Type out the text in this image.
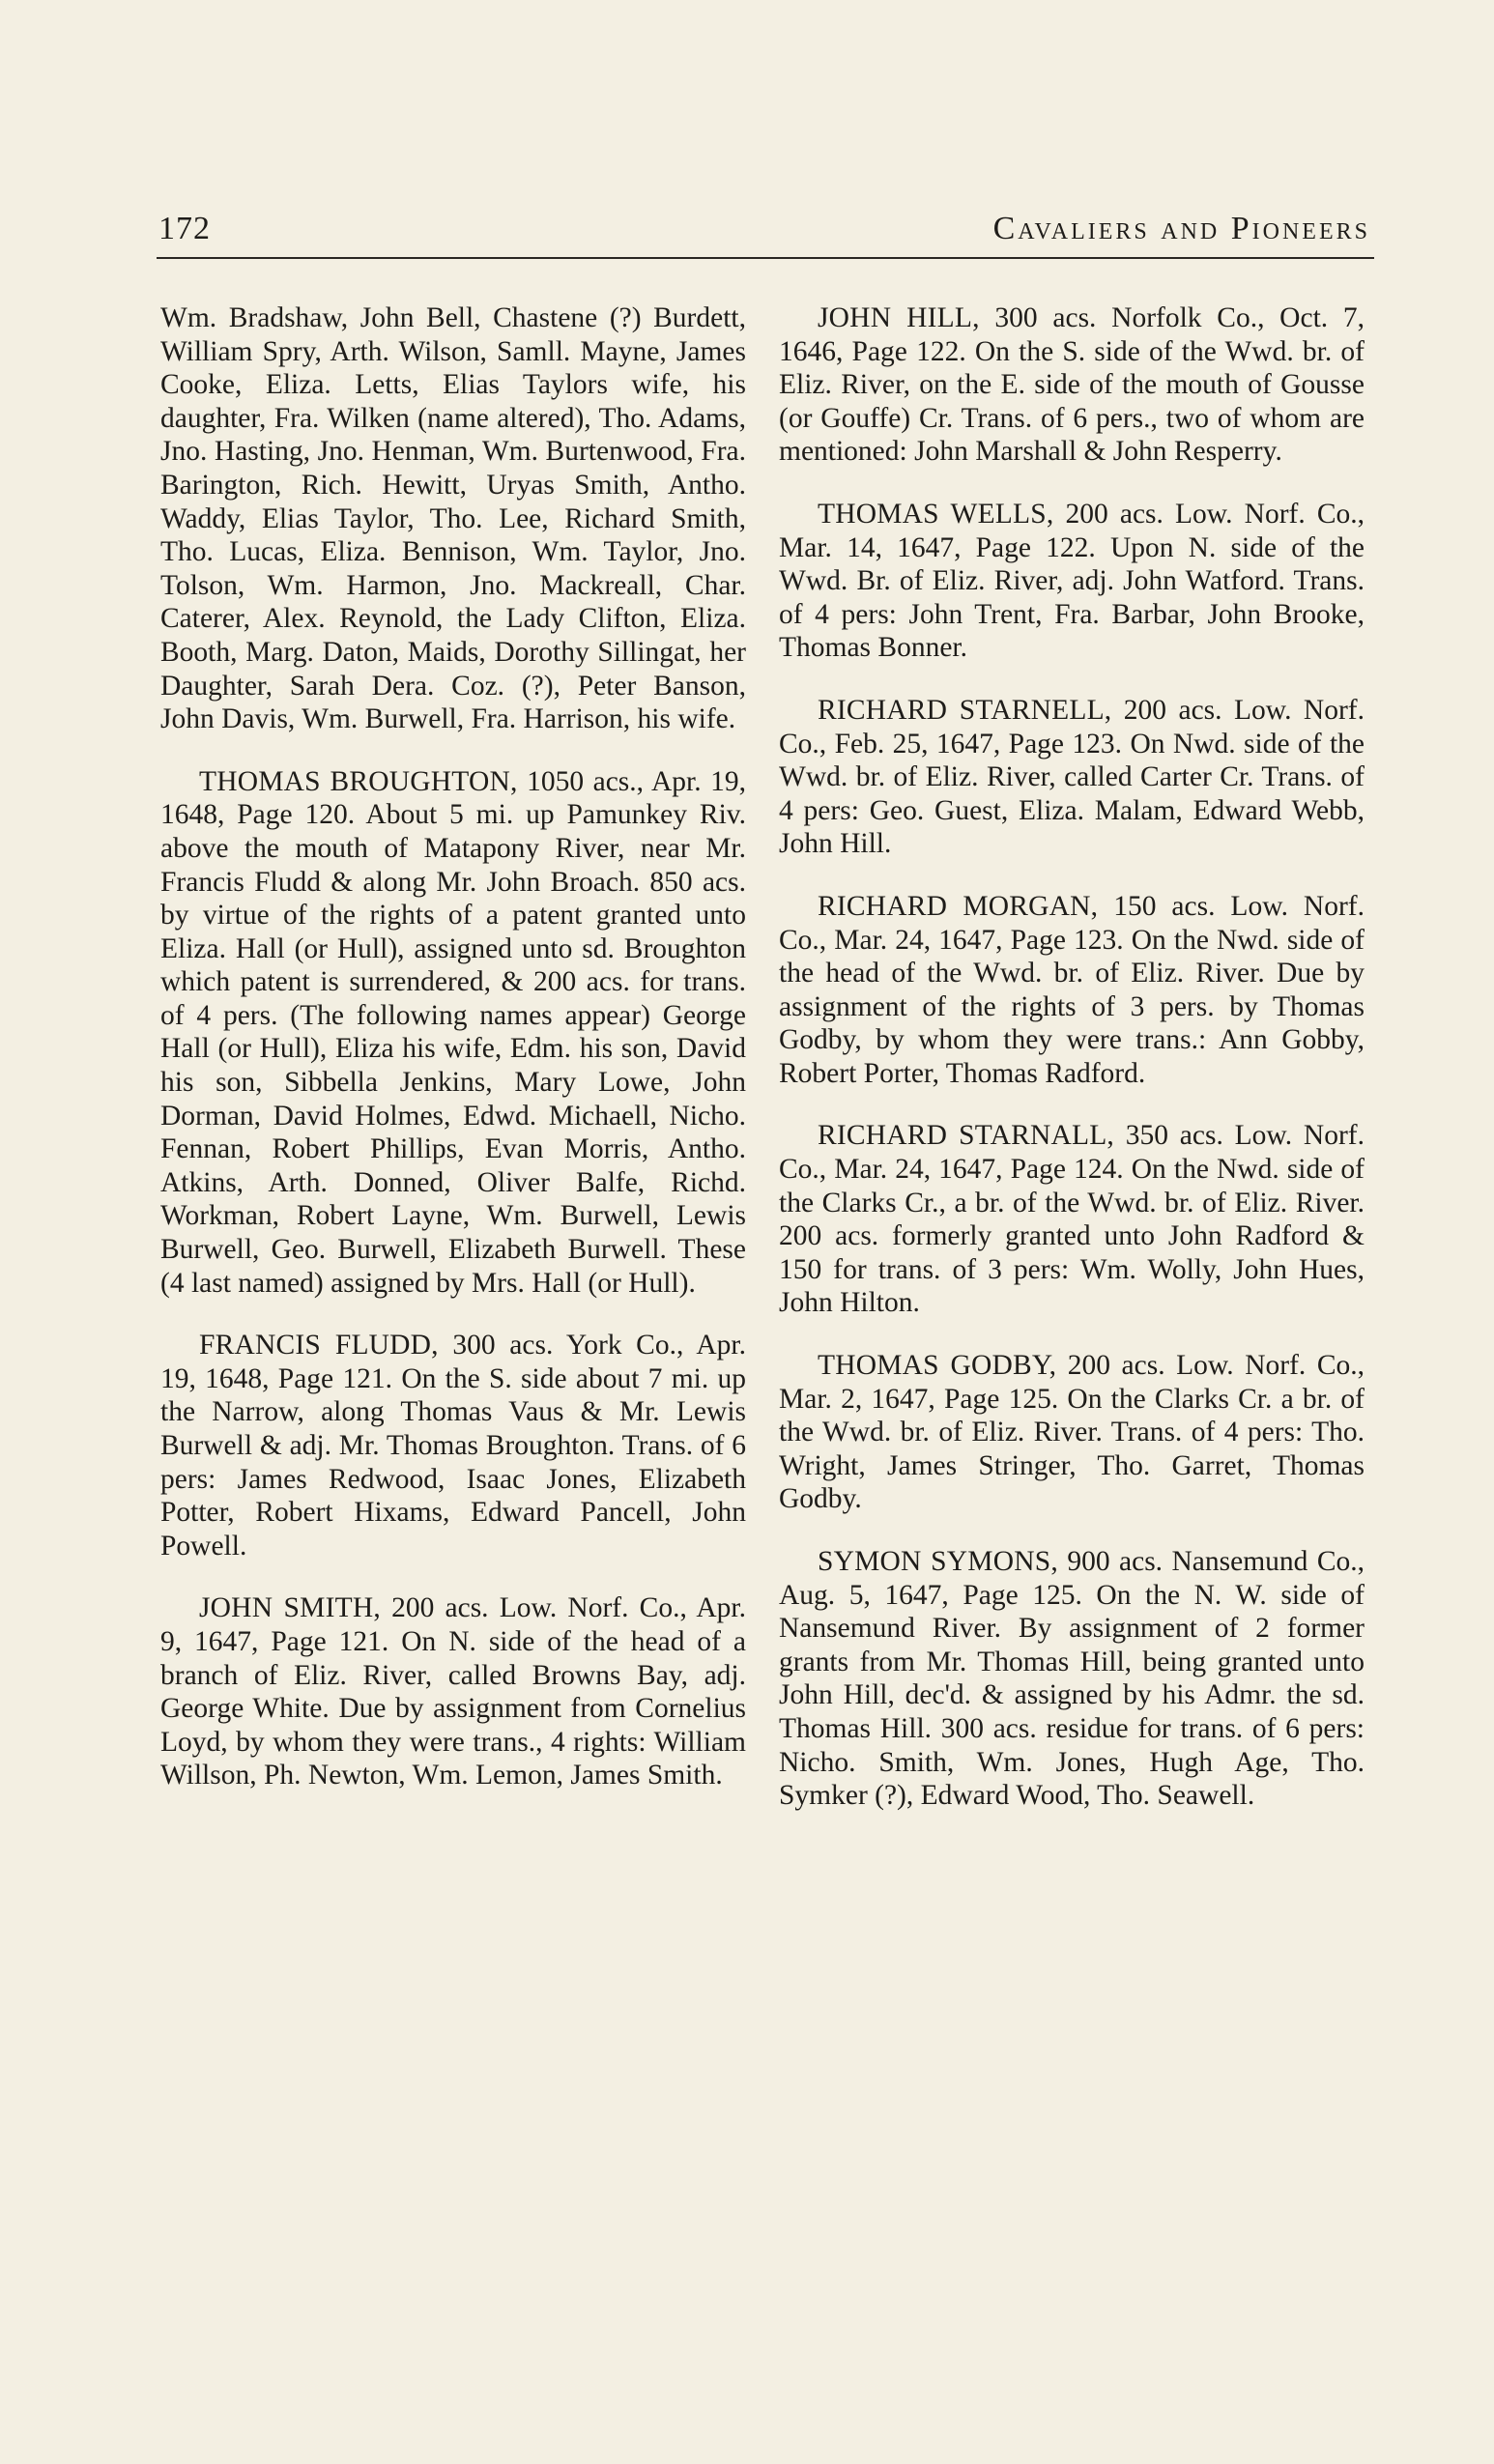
172	Cavaliers and Pioneers

Wm. Bradshaw, John Bell, Chastene (?) Burdett, William Spry, Arth. Wilson, Samll. Mayne, James Cooke, Eliza. Letts, Elias Taylors wife, his daughter, Fra. Wilken (name altered), Tho. Adams, Jno. Hasting, Jno. Henman, Wm. Burtenwood, Fra. Barington, Rich. Hewitt, Uryas Smith, Antho. Waddy, Elias Taylor, Tho. Lee, Richard Smith, Tho. Lucas, Eliza. Bennison, Wm. Taylor, Jno. Tolson, Wm. Harmon, Jno. Mackreall, Char. Caterer, Alex. Reynold, the Lady Clifton, Eliza. Booth, Marg. Daton, Maids, Dorothy Sillingat, her Daughter, Sarah Dera. Coz. (?), Peter Banson, John Davis, Wm. Burwell, Fra. Harrison, his wife.

THOMAS BROUGHTON, 1050 acs., Apr. 19, 1648, Page 120. About 5 mi. up Pamunkey Riv. above the mouth of Matapony River, near Mr. Francis Fludd & along Mr. John Broach. 850 acs. by virtue of the rights of a patent granted unto Eliza. Hall (or Hull), assigned unto sd. Broughton which patent is surrendered, & 200 acs. for trans. of 4 pers. (The following names appear) George Hall (or Hull), Eliza his wife, Edm. his son, David his son, Sibbella Jenkins, Mary Lowe, John Dorman, David Holmes, Edwd. Michaell, Nicho. Fennan, Robert Phillips, Evan Morris, Antho. Atkins, Arth. Donned, Oliver Balfe, Richd. Workman, Robert Layne, Wm. Burwell, Lewis Burwell, Geo. Burwell, Elizabeth Burwell. These (4 last named) assigned by Mrs. Hall (or Hull).

FRANCIS FLUDD, 300 acs. York Co., Apr. 19, 1648, Page 121. On the S. side about 7 mi. up the Narrow, along Thomas Vaus & Mr. Lewis Burwell & adj. Mr. Thomas Broughton. Trans. of 6 pers: James Redwood, Isaac Jones, Elizabeth Potter, Robert Hixams, Edward Pancell, John Powell.

JOHN SMITH, 200 acs. Low. Norf. Co., Apr. 9, 1647, Page 121. On N. side of the head of a branch of Eliz. River, called Browns Bay, adj. George White. Due by assignment from Cornelius Loyd, by whom they were trans., 4 rights: William Willson, Ph. Newton, Wm. Lemon, James Smith.

JOHN HILL, 300 acs. Norfolk Co., Oct. 7, 1646, Page 122. On the S. side of the Wwd. br. of Eliz. River, on the E. side of the mouth of Gousse (or Gouffe) Cr. Trans. of 6 pers., two of whom are mentioned: John Marshall & John Resperry.

THOMAS WELLS, 200 acs. Low. Norf. Co., Mar. 14, 1647, Page 122. Upon N. side of the Wwd. Br. of Eliz. River, adj. John Watford. Trans. of 4 pers: John Trent, Fra. Barbar, John Brooke, Thomas Bonner.

RICHARD STARNELL, 200 acs. Low. Norf. Co., Feb. 25, 1647, Page 123. On Nwd. side of the Wwd. br. of Eliz. River, called Carter Cr. Trans. of 4 pers: Geo. Guest, Eliza. Malam, Edward Webb, John Hill.

RICHARD MORGAN, 150 acs. Low. Norf. Co., Mar. 24, 1647, Page 123. On the Nwd. side of the head of the Wwd. br. of Eliz. River. Due by assignment of the rights of 3 pers. by Thomas Godby, by whom they were trans.: Ann Gobby, Robert Porter, Thomas Radford.

RICHARD STARNALL, 350 acs. Low. Norf. Co., Mar. 24, 1647, Page 124. On the Nwd. side of the Clarks Cr., a br. of the Wwd. br. of Eliz. River. 200 acs. formerly granted unto John Radford & 150 for trans. of 3 pers: Wm. Wolly, John Hues, John Hilton.

THOMAS GODBY, 200 acs. Low. Norf. Co., Mar. 2, 1647, Page 125. On the Clarks Cr. a br. of the Wwd. br. of Eliz. River. Trans. of 4 pers: Tho. Wright, James Stringer, Tho. Garret, Thomas Godby.

SYMON SYMONS, 900 acs. Nansemund Co., Aug. 5, 1647, Page 125. On the N. W. side of Nansemund River. By assignment of 2 former grants from Mr. Thomas Hill, being granted unto John Hill, dec'd. & assigned by his Admr. the sd. Thomas Hill. 300 acs. residue for trans. of 6 pers: Nicho. Smith, Wm. Jones, Hugh Age, Tho. Symker (?), Edward Wood, Tho. Seawell.
